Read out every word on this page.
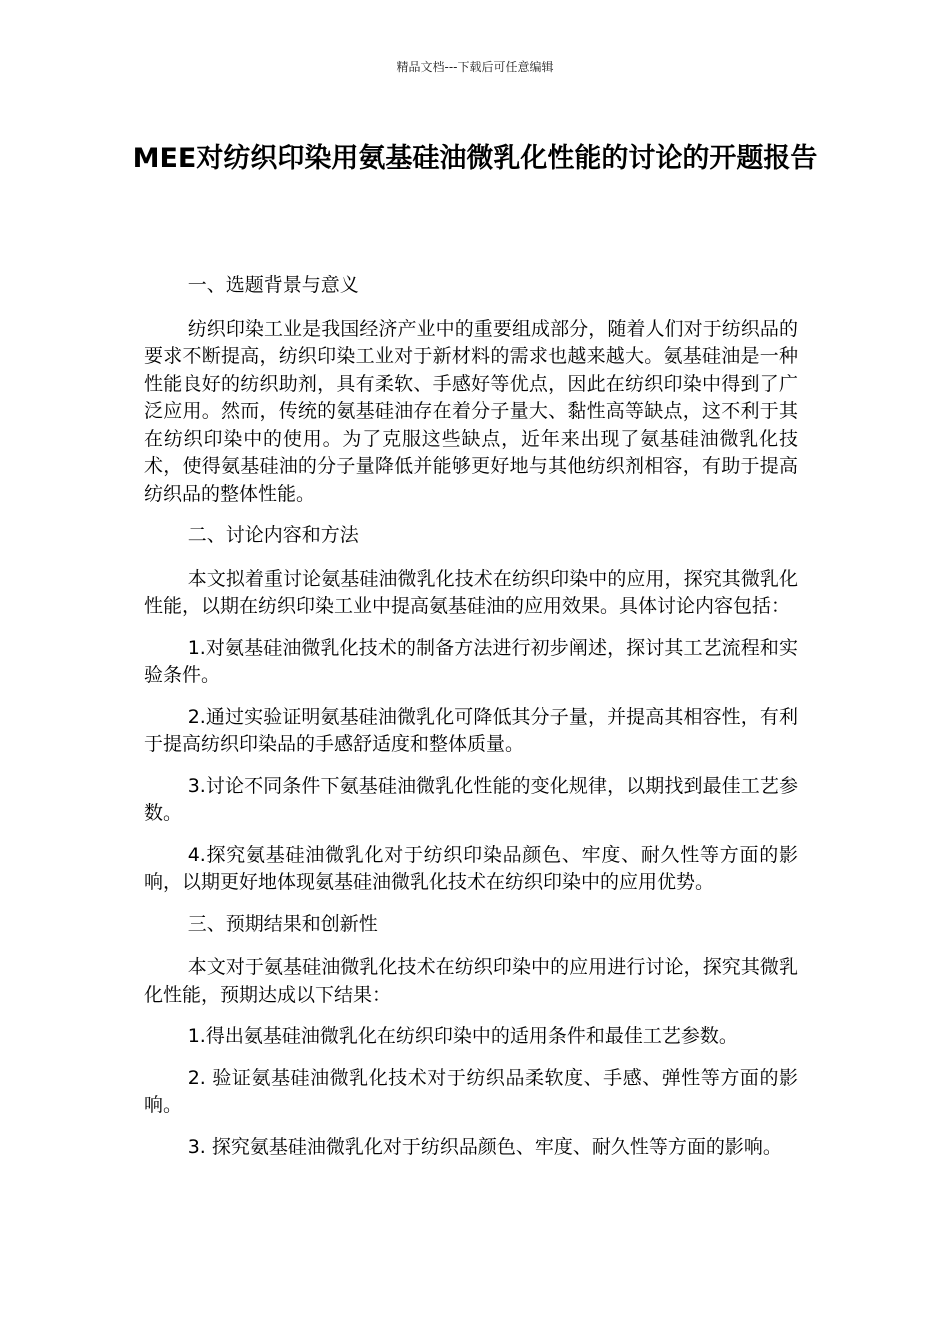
精品文档---下载后可任意编辑
MEE对纺织印染用氨基硅油微乳化性能的讨论的开题报告

一、选题背景与意义

纺织印染工业是我国经济产业中的重要组成部分，随着人们对于纺织品的要求不断提高，纺织印染工业对于新材料的需求也越来越大。氨基硅油是一种性能良好的纺织助剂，具有柔软、手感好等优点，因此在纺织印染中得到了广泛应用。然而，传统的氨基硅油存在着分子量大、黏性高等缺点，这不利于其在纺织印染中的使用。为了克服这些缺点，近年来出现了氨基硅油微乳化技术，使得氨基硅油的分子量降低并能够更好地与其他纺织剂相容，有助于提高纺织品的整体性能。

二、讨论内容和方法

本文拟着重讨论氨基硅油微乳化技术在纺织印染中的应用，探究其微乳化性能，以期在纺织印染工业中提高氨基硅油的应用效果。具体讨论内容包括：

1.对氨基硅油微乳化技术的制备方法进行初步阐述，探讨其工艺流程和实验条件。

2.通过实验证明氨基硅油微乳化可降低其分子量，并提高其相容性，有利于提高纺织印染品的手感舒适度和整体质量。

3.讨论不同条件下氨基硅油微乳化性能的变化规律，以期找到最佳工艺参数。

4.探究氨基硅油微乳化对于纺织印染品颜色、牢度、耐久性等方面的影响，以期更好地体现氨基硅油微乳化技术在纺织印染中的应用优势。

三、预期结果和创新性

本文对于氨基硅油微乳化技术在纺织印染中的应用进行讨论，探究其微乳化性能，预期达成以下结果：

1.得出氨基硅油微乳化在纺织印染中的适用条件和最佳工艺参数。

2. 验证氨基硅油微乳化技术对于纺织品柔软度、手感、弹性等方面的影响。

3. 探究氨基硅油微乳化对于纺织品颜色、牢度、耐久性等方面的影响。
